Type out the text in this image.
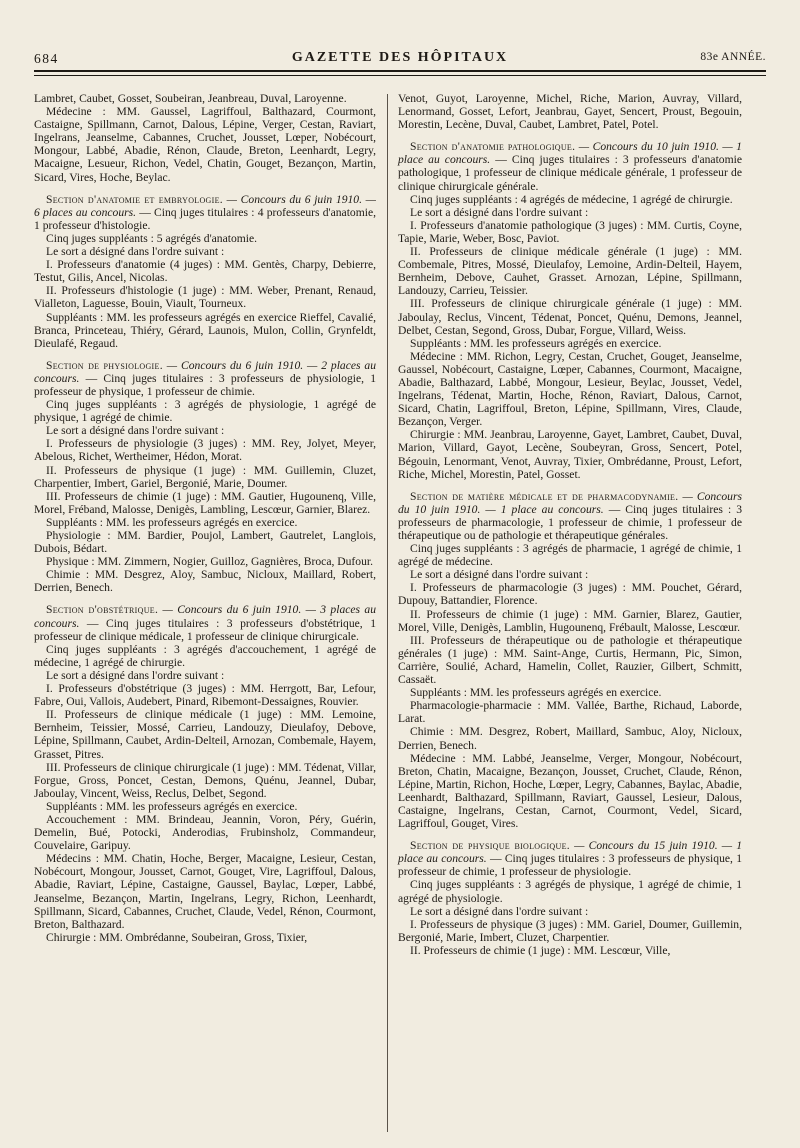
684	GAZETTE DES HÔPITAUX	83e ANNÉE.

Lambret, Caubet, Gosset, Soubeiran, Jeanbreau, Duval, Laroyenne.

Médecine : MM. Gaussel, Lagriffoul, Balthazard, Courmont, Castaigne, Spillmann, Carnot, Dalous, Lépine, Verger, Cestan, Raviart, Ingelrans, Jeanselme, Cabannes, Cruchet, Jousset, Lœper, Nobécourt, Mongour, Labbé, Abadie, Rénon, Claude, Breton, Leenhardt, Legry, Macaigne, Lesueur, Richon, Vedel, Chatin, Gouget, Bezançon, Martin, Sicard, Vires, Hoche, Beylac.

Section d'anatomie et embryologie. — Concours du 6 juin 1910. — 6 places au concours. — Cinq juges titulaires : 4 professeurs d'anatomie, 1 professeur d'histologie.

Cinq juges suppléants : 5 agrégés d'anatomie.

Le sort a désigné dans l'ordre suivant :

I. Professeurs d'anatomie (4 juges) : MM. Gentès, Charpy, Debierre, Testut, Gilis, Ancel, Nicolas.

II. Professeurs d'histologie (1 juge) : MM. Weber, Prenant, Renaud, Vialleton, Laguesse, Bouin, Viault, Tourneux.

Suppléants : MM. les professeurs agrégés en exercice Rieffel, Cavalié, Branca, Princeteau, Thiéry, Gérard, Launois, Mulon, Collin, Grynfeldt, Dieulafé, Regaud.

Section de physiologie. — Concours du 6 juin 1910. — 2 places au concours. — Cinq juges titulaires : 3 professeurs de physiologie, 1 professeur de physique, 1 professeur de chimie.

Cinq juges suppléants : 3 agrégés de physiologie, 1 agrégé de physique, 1 agrégé de chimie.

Le sort a désigné dans l'ordre suivant :

I. Professeurs de physiologie (3 juges) : MM. Rey, Jolyet, Meyer, Abelous, Richet, Wertheimer, Hédon, Morat.

II. Professeurs de physique (1 juge) : MM. Guillemin, Cluzet, Charpentier, Imbert, Gariel, Bergonié, Marie, Doumer.

III. Professeurs de chimie (1 juge) : MM. Gautier, Hugounenq, Ville, Morel, Fréband, Malosse, Denigès, Lambling, Lescœur, Garnier, Blarez.

Suppléants : MM. les professeurs agrégés en exercice.

Physiologie : MM. Bardier, Poujol, Lambert, Gautrelet, Langlois, Dubois, Bédart.

Physique : MM. Zimmern, Nogier, Guilloz, Gagnières, Broca, Dufour.

Chimie : MM. Desgrez, Aloy, Sambuc, Nicloux, Maillard, Robert, Derrien, Benech.

Section d'obstétrique. — Concours du 6 juin 1910. — 3 places au concours. — Cinq juges titulaires : 3 professeurs d'obstétrique, 1 professeur de clinique médicale, 1 professeur de clinique chirurgicale.

Cinq juges suppléants : 3 agrégés d'accouchement, 1 agrégé de médecine, 1 agrégé de chirurgie.

Le sort a désigné dans l'ordre suivant :

I. Professeurs d'obstétrique (3 juges) : MM. Herrgott, Bar, Lefour, Fabre, Oui, Vallois, Audebert, Pinard, Ribemont-Dessaignes, Rouvier.

II. Professeurs de clinique médicale (1 juge) : MM. Lemoine, Bernheim, Teissier, Mossé, Carrieu, Landouzy, Dieulafoy, Debove, Lépine, Spillmann, Caubet, Ardin-Delteil, Arnozan, Combemale, Hayem, Grasset, Pitres.

III. Professeurs de clinique chirurgicale (1 juge) : MM. Tédenat, Villar, Forgue, Gross, Poncet, Cestan, Demons, Quénu, Jeannel, Dubar, Jaboulay, Vincent, Weiss, Reclus, Delbet, Segond.

Suppléants : MM. les professeurs agrégés en exercice.

Accouchement : MM. Brindeau, Jeannin, Voron, Péry, Guérin, Demelin, Bué, Potocki, Anderodias, Frubinsholz, Commandeur, Couvelaire, Garipuy.

Médecins : MM. Chatin, Hoche, Berger, Macaigne, Lesieur, Cestan, Nobécourt, Mongour, Jousset, Carnot, Gouget, Vire, Lagriffoul, Dalous, Abadie, Raviart, Lépine, Castaigne, Gaussel, Baylac, Lœper, Labbé, Jeanselme, Bezançon, Martin, Ingelrans, Legry, Richon, Leenhardt, Spillmann, Sicard, Cabannes, Cruchet, Claude, Vedel, Rénon, Courmont, Breton, Balthazard.

Chirurgie : MM. Ombrédanne, Soubeiran, Gross, Tixier,

Venot, Guyot, Laroyenne, Michel, Riche, Marion, Auvray, Villard, Lenormand, Gosset, Lefort, Jeanbrau, Gayet, Sencert, Proust, Begouin, Morestin, Lecène, Duval, Caubet, Lambret, Patel, Potel.

Section d'anatomie pathologique. — Concours du 10 juin 1910. — 1 place au concours. — Cinq juges titulaires : 3 professeurs d'anatomie pathologique, 1 professeur de clinique médicale générale, 1 professeur de clinique chirurgicale générale.

Cinq juges suppléants : 4 agrégés de médecine, 1 agrégé de chirurgie.

Le sort a désigné dans l'ordre suivant :

I. Professeurs d'anatomie pathologique (3 juges) : MM. Curtis, Coyne, Tapie, Marie, Weber, Bosc, Paviot.

II. Professeurs de clinique médicale générale (1 juge) : MM. Combemale, Pitres, Mossé, Dieulafoy, Lemoine, Ardin-Delteil, Hayem, Bernheim, Debove, Cauhet, Grasset. Arnozan, Lépine, Spillmann, Landouzy, Carrieu, Teissier.

III. Professeurs de clinique chirurgicale générale (1 juge) : MM. Jaboulay, Reclus, Vincent, Tédenat, Poncet, Quénu, Demons, Jeannel, Delbet, Cestan, Segond, Gross, Dubar, Forgue, Villard, Weiss.

Suppléants : MM. les professeurs agrégés en exercice.

Médecine : MM. Richon, Legry, Cestan, Cruchet, Gouget, Jeanselme, Gaussel, Nobécourt, Castaigne, Lœper, Cabannes, Courmont, Macaigne, Abadie, Balthazard, Labbé, Mongour, Lesieur, Beylac, Jousset, Vedel, Ingelrans, Tédenat, Martin, Hoche, Rénon, Raviart, Dalous, Carnot, Sicard, Chatin, Lagriffoul, Breton, Lépine, Spillmann, Vires, Claude, Bezançon, Verger.

Chirurgie : MM. Jeanbrau, Laroyenne, Gayet, Lambret, Caubet, Duval, Marion, Villard, Gayot, Lecène, Soubeyran, Gross, Sencert, Potel, Bégouin, Lenormant, Venot, Auvray, Tixier, Ombrédanne, Proust, Lefort, Riche, Michel, Morestin, Patel, Gosset.

Section de matière médicale et de pharmacodynamie. — Concours du 10 juin 1910. — 1 place au concours. — Cinq juges titulaires : 3 professeurs de pharmacologie, 1 professeur de chimie, 1 professeur de thérapeutique ou de pathologie et thérapeutique générales.

Cinq juges suppléants : 3 agrégés de pharmacie, 1 agrégé de chimie, 1 agrégé de médecine.

Le sort a désigné dans l'ordre suivant :

I. Professeurs de pharmacologie (3 juges) : MM. Pouchet, Gérard, Dupouy, Battandier, Florence.

II. Professeurs de chimie (1 juge) : MM. Garnier, Blarez, Gautier, Morel, Ville, Denigès, Lamblin, Hugounenq, Frébault, Malosse, Lescœur.

III. Professeurs de thérapeutique ou de pathologie et thérapeutique générales (1 juge) : MM. Saint-Ange, Curtis, Hermann, Pic, Simon, Carrière, Soulié, Achard, Hamelin, Collet, Rauzier, Gilbert, Schmitt, Cassaët.

Suppléants : MM. les professeurs agrégés en exercice.

Pharmacologie-pharmacie : MM. Vallée, Barthe, Richaud, Laborde, Larat.

Chimie : MM. Desgrez, Robert, Maillard, Sambuc, Aloy, Nicloux, Derrien, Benech.

Médecine : MM. Labbé, Jeanselme, Verger, Mongour, Nobécourt, Breton, Chatin, Macaigne, Bezançon, Jousset, Cruchet, Claude, Rénon, Lépine, Martin, Richon, Hoche, Lœper, Legry, Cabannes, Baylac, Abadie, Leenhardt, Balthazard, Spillmann, Raviart, Gaussel, Lesieur, Dalous, Castaigne, Ingelrans, Cestan, Carnot, Courmont, Vedel, Sicard, Lagriffoul, Gouget, Vires.

Section de physique biologique. — Concours du 15 juin 1910. — 1 place au concours. — Cinq juges titulaires : 3 professeurs de physique, 1 professeur de chimie, 1 professeur de physiologie.

Cinq juges suppléants : 3 agrégés de physique, 1 agrégé de chimie, 1 agrégé de physiologie.

Le sort a désigné dans l'ordre suivant :

I. Professeurs de physique (3 juges) : MM. Gariel, Doumer, Guillemin, Bergonié, Marie, Imbert, Cluzet, Charpentier.

II. Professeurs de chimie (1 juge) : MM. Lescœur, Ville,
